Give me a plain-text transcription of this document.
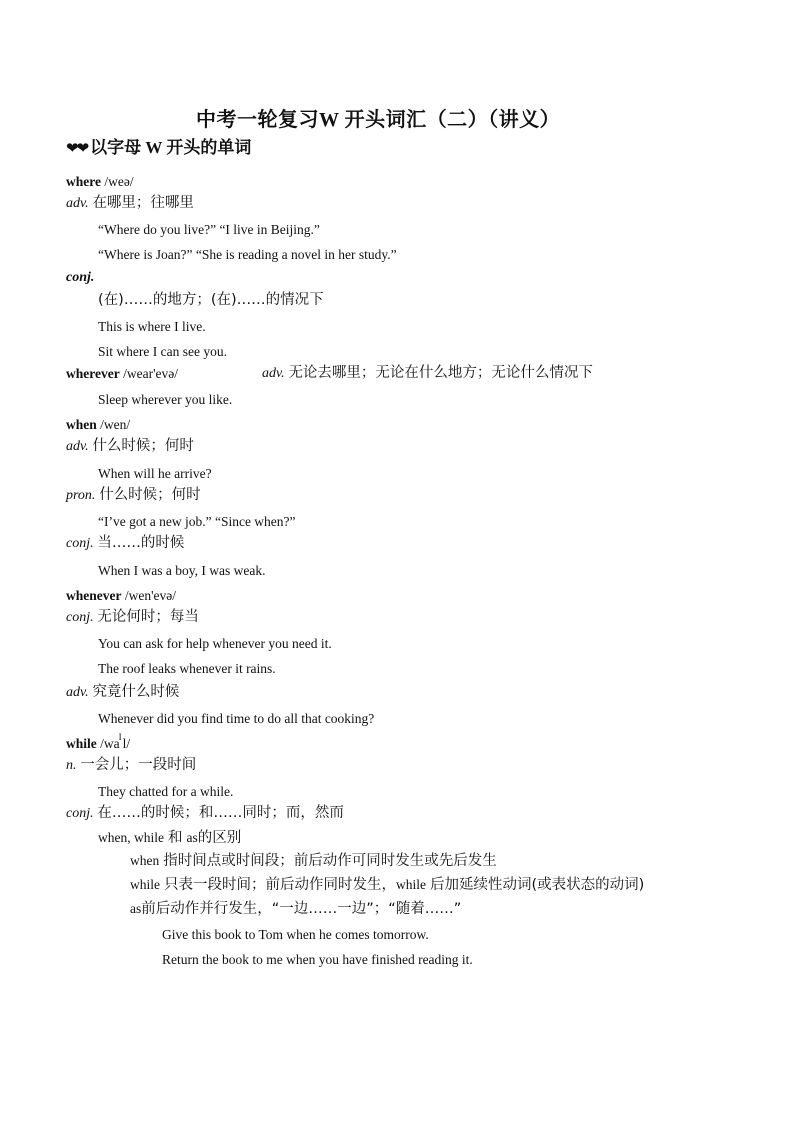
中考一轮复习W 开头词汇（二）（讲义）
❤❤ 以字母 W 开头的单词
where /weə/
adv. 在哪里；往哪里
“Where do you live?” “I live in Beijing.”
“Where is Joan?” “She is reading a novel in her study.”
conj.
(在)……的地方；(在)……的情况下
This is where I live.
Sit where I can see you.
wherever /wear'evə/	adv. 无论去哪里；无论在什么地方；无论什么情况下
Sleep wherever you like.
when /wen/
adv. 什么时候；何时
When will he arrive?
pron. 什么时候；何时
“I’ve got a new job.” “Since when?”
conj. 当……的时候
When I was a boy, I was weak.
whenever /wen'evə/
conj. 无论何时；每当
You can ask for help whenever you need it.
The roof leaks whenever it rains.
adv. 究竟什么时候
Whenever did you find time to do all that cooking?
while $/wa^Il/$
n. 一会儿；一段时间
They chatted for a while.
conj. 在……的时候；和……同时；而，然而
when, while 和 as的区别
when 指时间点或时间段；前后动作可同时发生或先后发生
while 只表一段时间；前后动作同时发生，while 后加延续性动词(或表状态的动词)
as前后动作并行发生，“一边……一边”；“随着……”
Give this book to Tom when he comes tomorrow.
Return the book to me when you have finished reading it.
